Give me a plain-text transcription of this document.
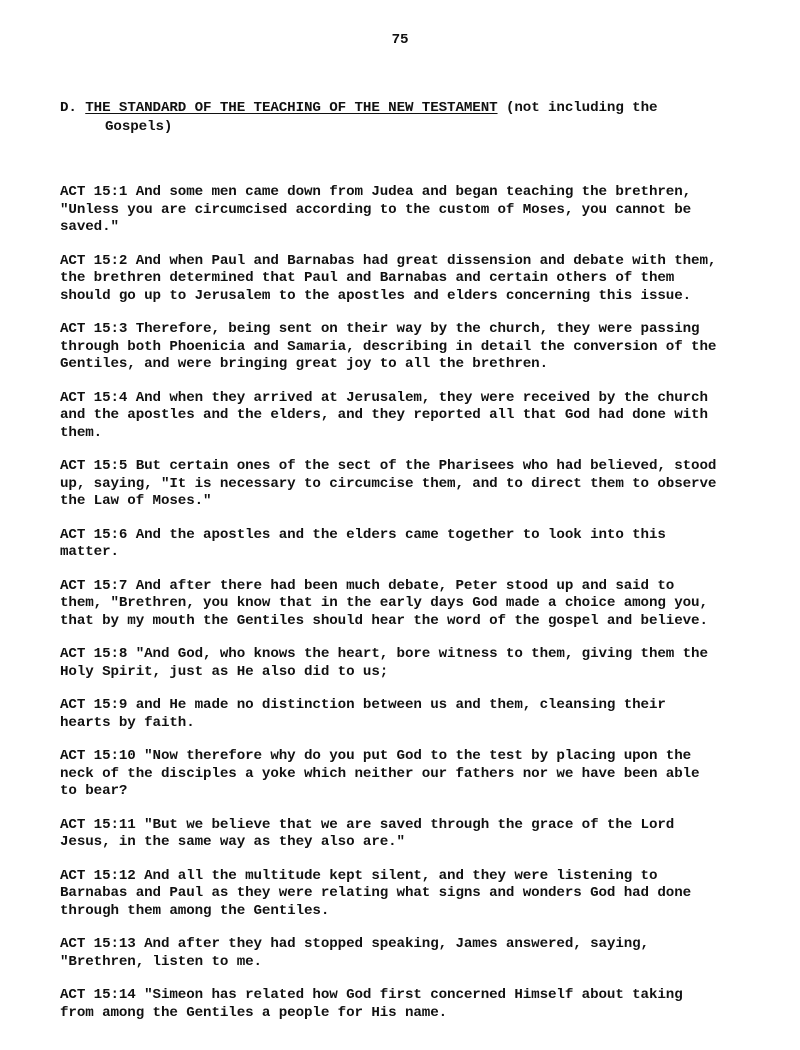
75
D. THE STANDARD OF THE TEACHING OF THE NEW TESTAMENT (not including the
Gospels)

ACT 15:1 And some men came down from Judea and began teaching the brethren,
"Unless you are circumcised according to the custom of Moses, you cannot be
saved."

ACT 15:2 And when Paul and Barnabas had great dissension and debate with them,
the brethren determined that Paul and Barnabas and certain others of them
should go up to Jerusalem to the apostles and elders concerning this issue.

ACT 15:3 Therefore, being sent on their way by the church, they were passing
through both Phoenicia and Samaria, describing in detail the conversion of the
Gentiles, and were bringing great joy to all the brethren.

ACT 15:4 And when they arrived at Jerusalem, they were received by the church
and the apostles and the elders, and they reported all that God had done with
them.

ACT 15:5 But certain ones of the sect of the Pharisees who had believed, stood
up, saying, "It is necessary to circumcise them, and to direct them to observe
the Law of Moses."

ACT 15:6 And the apostles and the elders came together to look into this
matter.

ACT 15:7 And after there had been much debate, Peter stood up and said to
them, "Brethren, you know that in the early days God made a choice among you,
that by my mouth the Gentiles should hear the word of the gospel and believe.

ACT 15:8 "And God, who knows the heart, bore witness to them, giving them the
Holy Spirit, just as He also did to us;

ACT 15:9 and He made no distinction between us and them, cleansing their
hearts by faith.

ACT 15:10 "Now therefore why do you put God to the test by placing upon the
neck of the disciples a yoke which neither our fathers nor we have been able
to bear?

ACT 15:11 "But we believe that we are saved through the grace of the Lord
Jesus, in the same way as they also are."

ACT 15:12 And all the multitude kept silent, and they were listening to
Barnabas and Paul as they were relating what signs and wonders God had done
through them among the Gentiles.

ACT 15:13 And after they had stopped speaking, James answered, saying,
"Brethren, listen to me.

ACT 15:14 "Simeon has related how God first concerned Himself about taking
from among the Gentiles a people for His name.
